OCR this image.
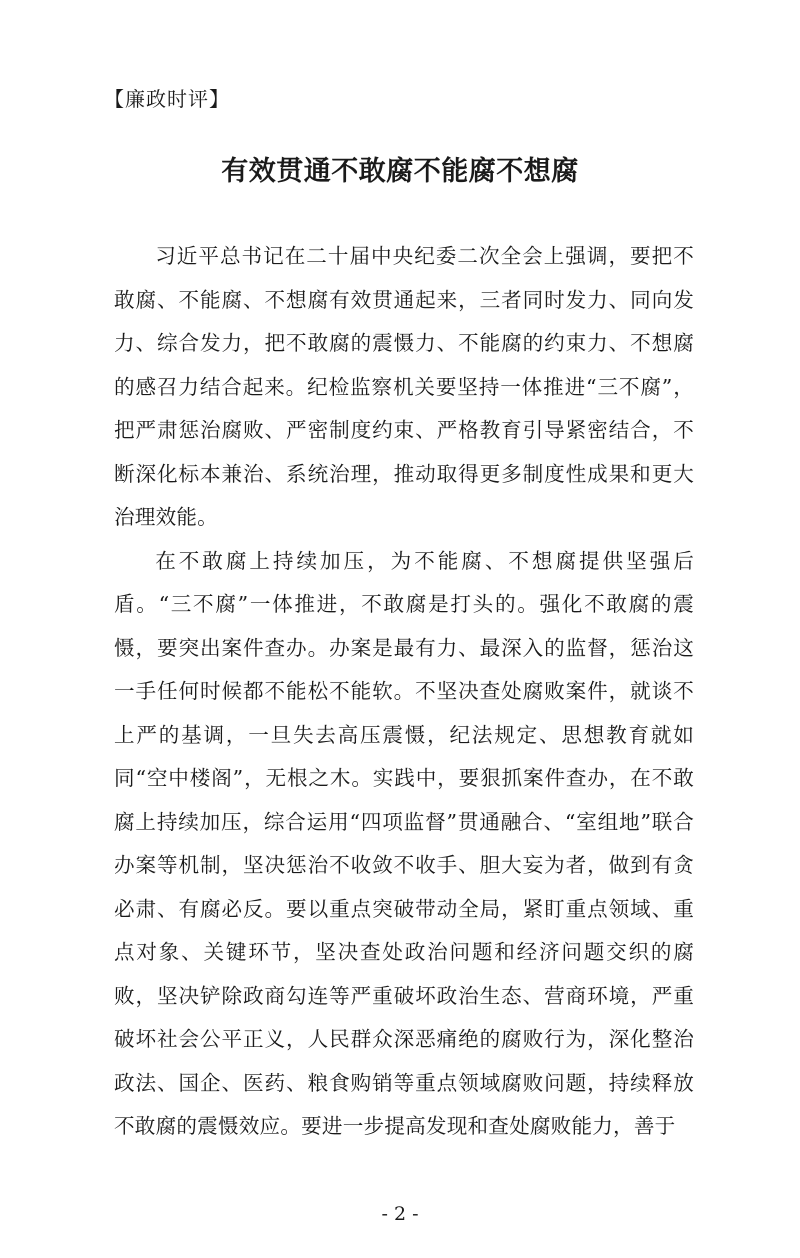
【廉政时评】
有效贯通不敢腐不能腐不想腐

习近平总书记在二十届中央纪委二次全会上强调，要把不敢腐、不能腐、不想腐有效贯通起来，三者同时发力、同向发力、综合发力，把不敢腐的震慑力、不能腐的约束力、不想腐的感召力结合起来。纪检监察机关要坚持一体推进“三不腐”，把严肃惩治腐败、严密制度约束、严格教育引导紧密结合，不断深化标本兼治、系统治理，推动取得更多制度性成果和更大治理效能。

在不敢腐上持续加压，为不能腐、不想腐提供坚强后盾。“三不腐”一体推进，不敢腐是打头的。强化不敢腐的震慑，要突出案件查办。办案是最有力、最深入的监督，惩治这一手任何时候都不能松不能软。不坚决查处腐败案件，就谈不上严的基调，一旦失去高压震慑，纪法规定、思想教育就如同“空中楼阁”，无根之木。实践中，要狠抓案件查办，在不敢腐上持续加压，综合运用“四项监督”贯通融合、“室组地”联合办案等机制，坚决惩治不收敛不收手、胆大妄为者，做到有贪必肃、有腐必反。要以重点突破带动全局，紧盯重点领域、重点对象、关键环节，坚决查处政治问题和经济问题交织的腐败，坚决铲除政商勾连等严重破坏政治生态、营商环境，严重破坏社会公平正义，人民群众深恶痛绝的腐败行为，深化整治政法、国企、医药、粮食购销等重点领域腐败问题，持续释放不敢腐的震慑效应。要进一步提高发现和查处腐败能力，善于

- 2 -
